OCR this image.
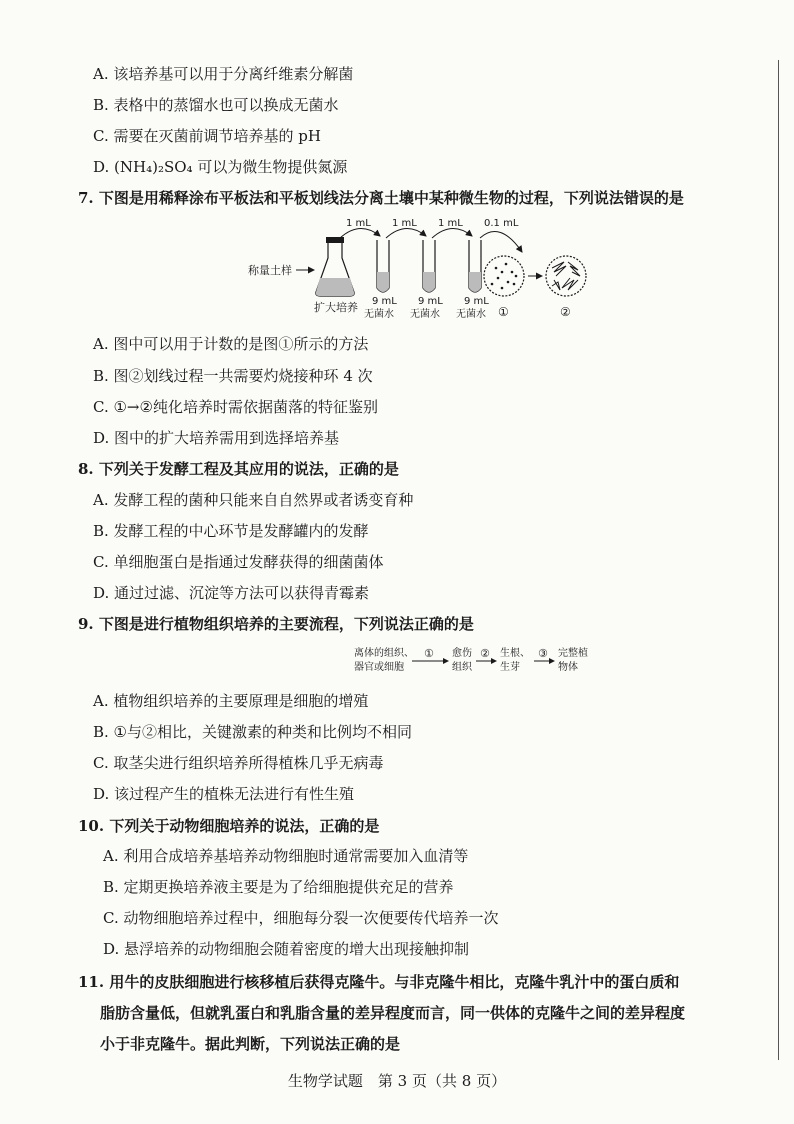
A. 该培养基可以用于分离纤维素分解菌
B. 表格中的蒸馏水也可以换成无菌水
C. 需要在灭菌前调节培养基的 pH
D. (NH₄)₂SO₄ 可以为微生物提供氮源
7. 下图是用稀释涂布平板法和平板划线法分离土壤中某种微生物的过程，下列说法错误的是
称量土样
扩大培养
1 mL 1 mL 1 mL 0.1 mL
9 mL
无菌水
9 mL
无菌水
9 mL
无菌水 ①	②
A. 图中可以用于计数的是图①所示的方法
B. 图②划线过程一共需要灼烧接种环 4 次
C. ①→②纯化培养时需依据菌落的特征鉴别
D. 图中的扩大培养需用到选择培养基
8. 下列关于发酵工程及其应用的说法，正确的是
A. 发酵工程的菌种只能来自自然界或者诱变育种
B. 发酵工程的中心环节是发酵罐内的发酵
C. 单细胞蛋白是指通过发酵获得的细菌菌体
D. 通过过滤、沉淀等方法可以获得青霉素
9. 下图是进行植物组织培养的主要流程，下列说法正确的是
离体的组织、
器官或细胞
① 愈伤
组织
② 生根、
生芽
③ 完整植
物体
A. 植物组织培养的主要原理是细胞的增殖
B. ①与②相比，关键激素的种类和比例均不相同
C. 取茎尖进行组织培养所得植株几乎无病毒
D. 该过程产生的植株无法进行有性生殖
10. 下列关于动物细胞培养的说法，正确的是
A. 利用合成培养基培养动物细胞时通常需要加入血清等
B. 定期更换培养液主要是为了给细胞提供充足的营养
C. 动物细胞培养过程中，细胞每分裂一次便要传代培养一次
D. 悬浮培养的动物细胞会随着密度的增大出现接触抑制
11. 用牛的皮肤细胞进行核移植后获得克隆牛。与非克隆牛相比，克隆牛乳汁中的蛋白质和
脂肪含量低，但就乳蛋白和乳脂含量的差异程度而言，同一供体的克隆牛之间的差异程度
小于非克隆牛。据此判断，下列说法正确的是
生物学试题　第 3 页（共 8 页）
